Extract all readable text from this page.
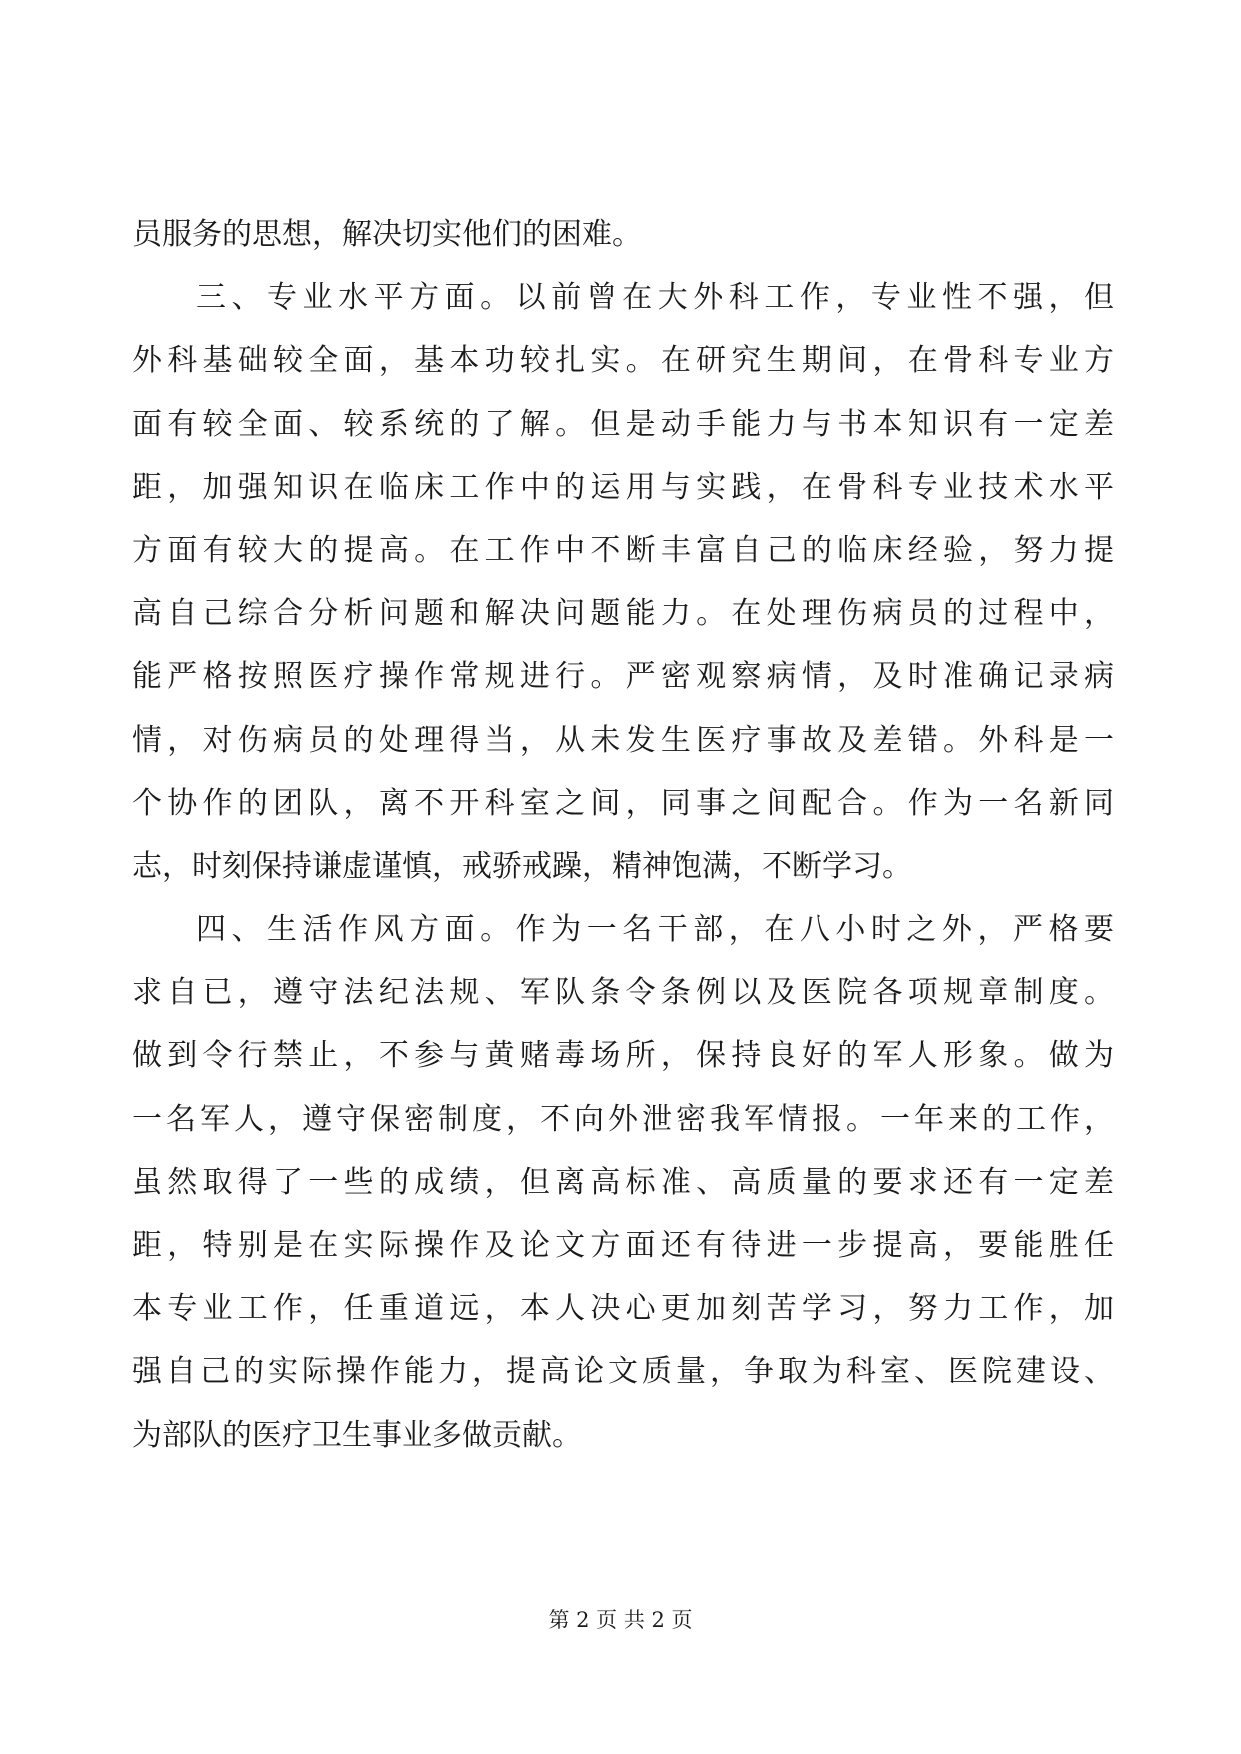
员服务的思想，解决切实他们的困难。
三、专业水平方面。以前曾在大外科工作，专业性不强，但
外科基础较全面，基本功较扎实。在研究生期间，在骨科专业方
面有较全面、较系统的了解。但是动手能力与书本知识有一定差
距，加强知识在临床工作中的运用与实践，在骨科专业技术水平
方面有较大的提高。在工作中不断丰富自己的临床经验，努力提
高自己综合分析问题和解决问题能力。在处理伤病员的过程中，
能严格按照医疗操作常规进行。严密观察病情，及时准确记录病
情，对伤病员的处理得当，从未发生医疗事故及差错。外科是一
个协作的团队，离不开科室之间，同事之间配合。作为一名新同
志，时刻保持谦虚谨慎，戒骄戒躁，精神饱满，不断学习。
四、生活作风方面。作为一名干部，在八小时之外，严格要
求自已，遵守法纪法规、军队条令条例以及医院各项规章制度。
做到令行禁止，不参与黄赌毒场所，保持良好的军人形象。做为
一名军人，遵守保密制度，不向外泄密我军情报。一年来的工作，
虽然取得了一些的成绩，但离高标准、高质量的要求还有一定差
距，特别是在实际操作及论文方面还有待进一步提高，要能胜任
本专业工作，任重道远，本人决心更加刻苦学习，努力工作，加
强自己的实际操作能力，提高论文质量，争取为科室、医院建设、
为部队的医疗卫生事业多做贡献。
第 2 页 共 2 页
